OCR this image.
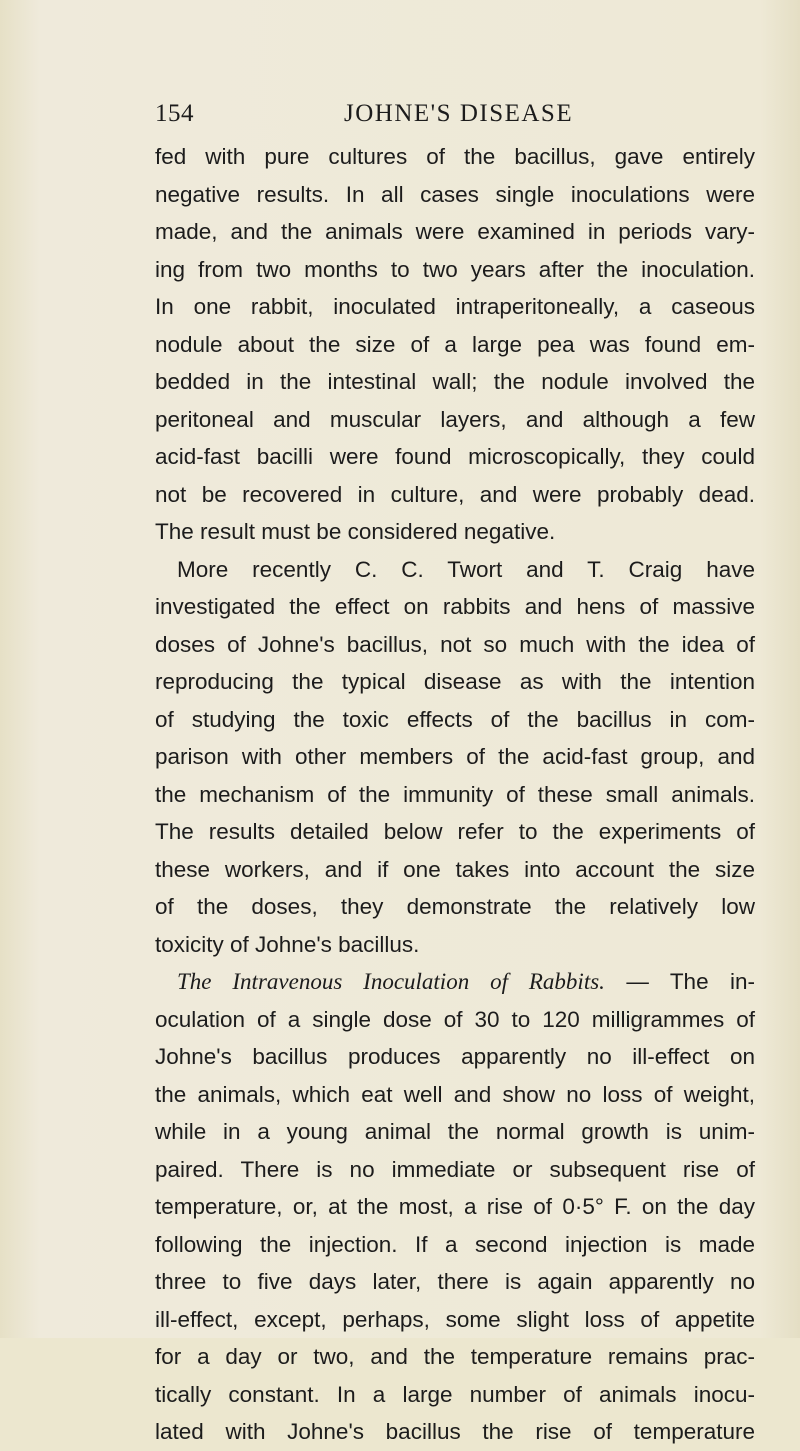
154	JOHNE'S DISEASE
fed with pure cultures of the bacillus, gave entirely
negative results. In all cases single inoculations were
made, and the animals were examined in periods vary-
ing from two months to two years after the inoculation.
In one rabbit, inoculated intraperitoneally, a caseous
nodule about the size of a large pea was found em-
bedded in the intestinal wall; the nodule involved the
peritoneal and muscular layers, and although a few
acid-fast bacilli were found microscopically, they could
not be recovered in culture, and were probably dead.
The result must be considered negative.
More recently C. C. Twort and T. Craig have
investigated the effect on rabbits and hens of massive
doses of Johne's bacillus, not so much with the idea of
reproducing the typical disease as with the intention
of studying the toxic effects of the bacillus in com-
parison with other members of the acid-fast group, and
the mechanism of the immunity of these small animals.
The results detailed below refer to the experiments of
these workers, and if one takes into account the size
of the doses, they demonstrate the relatively low
toxicity of Johne's bacillus.
The Intravenous Inoculation of Rabbits. — The in-
oculation of a single dose of 30 to 120 milligrammes of
Johne's bacillus produces apparently no ill-effect on
the animals, which eat well and show no loss of weight,
while in a young animal the normal growth is unim-
paired. There is no immediate or subsequent rise of
temperature, or, at the most, a rise of 0·5° F. on the day
following the injection. If a second injection is made
three to five days later, there is again apparently no
ill-effect, except, perhaps, some slight loss of appetite
for a day or two, and the temperature remains prac-
tically constant. In a large number of animals inocu-
lated with Johne's bacillus the rise of temperature
